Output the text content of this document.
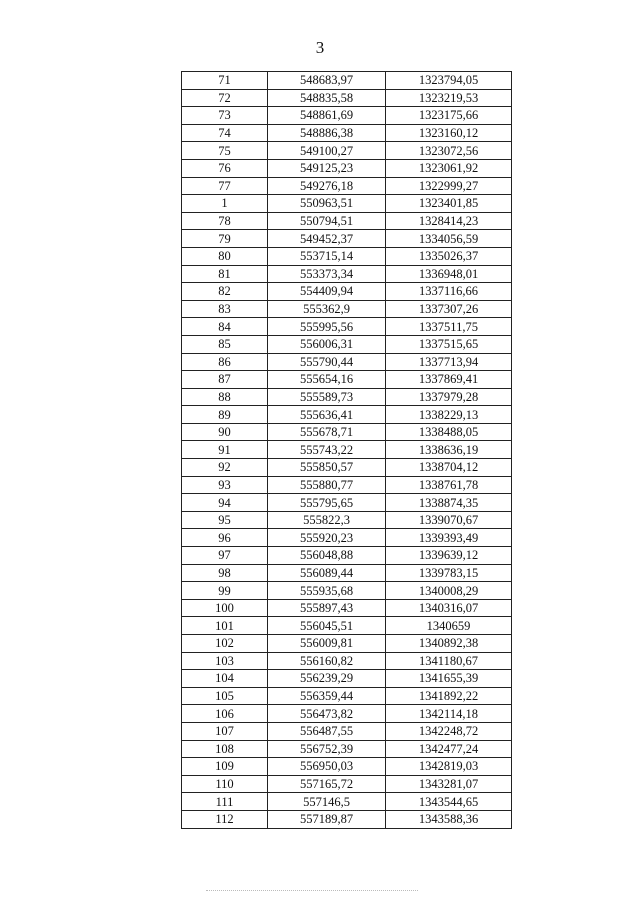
3
71	548683,97	1323794,05
72	548835,58	1323219,53
73	548861,69	1323175,66
74	548886,38	1323160,12
75	549100,27	1323072,56
76	549125,23	1323061,92
77	549276,18	1322999,27
1	550963,51	1323401,85
78	550794,51	1328414,23
79	549452,37	1334056,59
80	553715,14	1335026,37
81	553373,34	1336948,01
82	554409,94	1337116,66
83	555362,9	1337307,26
84	555995,56	1337511,75
85	556006,31	1337515,65
86	555790,44	1337713,94
87	555654,16	1337869,41
88	555589,73	1337979,28
89	555636,41	1338229,13
90	555678,71	1338488,05
91	555743,22	1338636,19
92	555850,57	1338704,12
93	555880,77	1338761,78
94	555795,65	1338874,35
95	555822,3	1339070,67
96	555920,23	1339393,49
97	556048,88	1339639,12
98	556089,44	1339783,15
99	555935,68	1340008,29
100	555897,43	1340316,07
101	556045,51	1340659
102	556009,81	1340892,38
103	556160,82	1341180,67
104	556239,29	1341655,39
105	556359,44	1341892,22
106	556473,82	1342114,18
107	556487,55	1342248,72
108	556752,39	1342477,24
109	556950,03	1342819,03
110	557165,72	1343281,07
111	557146,5	1343544,65
112	557189,87	1343588,36
